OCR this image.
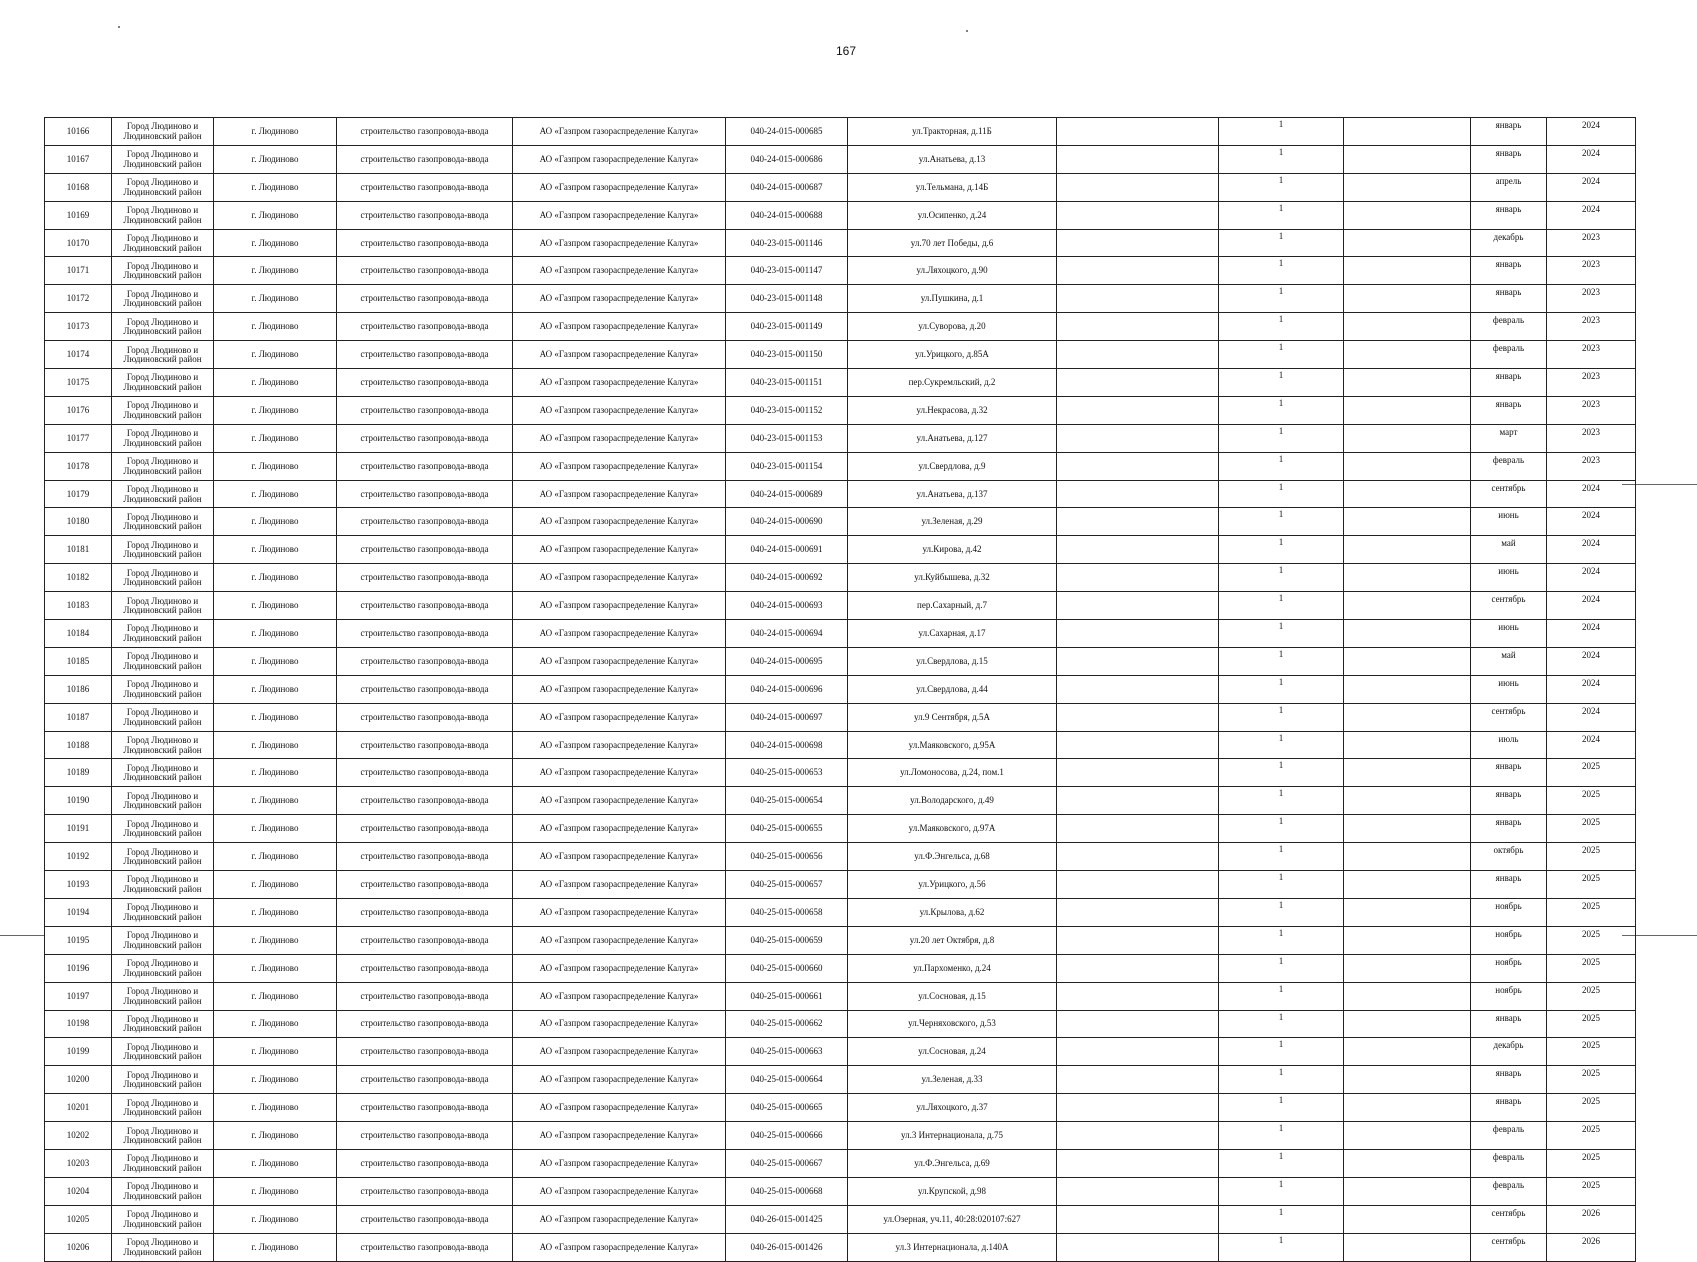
167
10166	Город Людиново и Людиновский район	г. Людиново	строительство газопровода-ввода	АО «Газпром газораспределение Калуга»	040-24-015-000685	ул.Тракторная, д.11Б		1		январь	2024
10167	Город Людиново и Людиновский район	г. Людиново	строительство газопровода-ввода	АО «Газпром газораспределение Калуга»	040-24-015-000686	ул.Анатьева, д.13		1		январь	2024
10168	Город Людиново и Людиновский район	г. Людиново	строительство газопровода-ввода	АО «Газпром газораспределение Калуга»	040-24-015-000687	ул.Тельмана, д.14Б		1		апрель	2024
10169	Город Людиново и Людиновский район	г. Людиново	строительство газопровода-ввода	АО «Газпром газораспределение Калуга»	040-24-015-000688	ул.Осипенко, д.24		1		январь	2024
10170	Город Людиново и Людиновский район	г. Людиново	строительство газопровода-ввода	АО «Газпром газораспределение Калуга»	040-23-015-001146	ул.70 лет Победы, д.6		1		декабрь	2023
10171	Город Людиново и Людиновский район	г. Людиново	строительство газопровода-ввода	АО «Газпром газораспределение Калуга»	040-23-015-001147	ул.Ляхоцкого, д.90		1		январь	2023
10172	Город Людиново и Людиновский район	г. Людиново	строительство газопровода-ввода	АО «Газпром газораспределение Калуга»	040-23-015-001148	ул.Пушкина, д.1		1		январь	2023
10173	Город Людиново и Людиновский район	г. Людиново	строительство газопровода-ввода	АО «Газпром газораспределение Калуга»	040-23-015-001149	ул.Суворова, д.20		1		февраль	2023
10174	Город Людиново и Людиновский район	г. Людиново	строительство газопровода-ввода	АО «Газпром газораспределение Калуга»	040-23-015-001150	ул.Урицкого, д.85А		1		февраль	2023
10175	Город Людиново и Людиновский район	г. Людиново	строительство газопровода-ввода	АО «Газпром газораспределение Калуга»	040-23-015-001151	пер.Сукремльский, д.2		1		январь	2023
10176	Город Людиново и Людиновский район	г. Людиново	строительство газопровода-ввода	АО «Газпром газораспределение Калуга»	040-23-015-001152	ул.Некрасова, д.32		1		январь	2023
10177	Город Людиново и Людиновский район	г. Людиново	строительство газопровода-ввода	АО «Газпром газораспределение Калуга»	040-23-015-001153	ул.Анатьева, д.127		1		март	2023
10178	Город Людиново и Людиновский район	г. Людиново	строительство газопровода-ввода	АО «Газпром газораспределение Калуга»	040-23-015-001154	ул.Свердлова, д.9		1		февраль	2023
10179	Город Людиново и Людиновский район	г. Людиново	строительство газопровода-ввода	АО «Газпром газораспределение Калуга»	040-24-015-000689	ул.Анатьева, д.137		1		сентябрь	2024
10180	Город Людиново и Людиновский район	г. Людиново	строительство газопровода-ввода	АО «Газпром газораспределение Калуга»	040-24-015-000690	ул.Зеленая, д.29		1		июнь	2024
10181	Город Людиново и Людиновский район	г. Людиново	строительство газопровода-ввода	АО «Газпром газораспределение Калуга»	040-24-015-000691	ул.Кирова, д.42		1		май	2024
10182	Город Людиново и Людиновский район	г. Людиново	строительство газопровода-ввода	АО «Газпром газораспределение Калуга»	040-24-015-000692	ул.Куйбышева, д.32		1		июнь	2024
10183	Город Людиново и Людиновский район	г. Людиново	строительство газопровода-ввода	АО «Газпром газораспределение Калуга»	040-24-015-000693	пер.Сахарный, д.7		1		сентябрь	2024
10184	Город Людиново и Людиновский район	г. Людиново	строительство газопровода-ввода	АО «Газпром газораспределение Калуга»	040-24-015-000694	ул.Сахарная, д.17		1		июнь	2024
10185	Город Людиново и Людиновский район	г. Людиново	строительство газопровода-ввода	АО «Газпром газораспределение Калуга»	040-24-015-000695	ул.Свердлова, д.15		1		май	2024
10186	Город Людиново и Людиновский район	г. Людиново	строительство газопровода-ввода	АО «Газпром газораспределение Калуга»	040-24-015-000696	ул.Свердлова, д.44		1		июнь	2024
10187	Город Людиново и Людиновский район	г. Людиново	строительство газопровода-ввода	АО «Газпром газораспределение Калуга»	040-24-015-000697	ул.9 Сентября, д.5А		1		сентябрь	2024
10188	Город Людиново и Людиновский район	г. Людиново	строительство газопровода-ввода	АО «Газпром газораспределение Калуга»	040-24-015-000698	ул.Маяковского, д.95А		1		июль	2024
10189	Город Людиново и Людиновский район	г. Людиново	строительство газопровода-ввода	АО «Газпром газораспределение Калуга»	040-25-015-000653	ул.Ломоносова, д.24, пом.1		1		январь	2025
10190	Город Людиново и Людиновский район	г. Людиново	строительство газопровода-ввода	АО «Газпром газораспределение Калуга»	040-25-015-000654	ул.Володарского, д.49		1		январь	2025
10191	Город Людиново и Людиновский район	г. Людиново	строительство газопровода-ввода	АО «Газпром газораспределение Калуга»	040-25-015-000655	ул.Маяковского, д.97А		1		январь	2025
10192	Город Людиново и Людиновский район	г. Людиново	строительство газопровода-ввода	АО «Газпром газораспределение Калуга»	040-25-015-000656	ул.Ф.Энгельса, д.68		1		октябрь	2025
10193	Город Людиново и Людиновский район	г. Людиново	строительство газопровода-ввода	АО «Газпром газораспределение Калуга»	040-25-015-000657	ул.Урицкого, д.56		1		январь	2025
10194	Город Людиново и Людиновский район	г. Людиново	строительство газопровода-ввода	АО «Газпром газораспределение Калуга»	040-25-015-000658	ул.Крылова, д.62		1		ноябрь	2025
10195	Город Людиново и Людиновский район	г. Людиново	строительство газопровода-ввода	АО «Газпром газораспределение Калуга»	040-25-015-000659	ул.20 лет Октября, д.8		1		ноябрь	2025
10196	Город Людиново и Людиновский район	г. Людиново	строительство газопровода-ввода	АО «Газпром газораспределение Калуга»	040-25-015-000660	ул.Пархоменко, д.24		1		ноябрь	2025
10197	Город Людиново и Людиновский район	г. Людиново	строительство газопровода-ввода	АО «Газпром газораспределение Калуга»	040-25-015-000661	ул.Сосновая, д.15		1		ноябрь	2025
10198	Город Людиново и Людиновский район	г. Людиново	строительство газопровода-ввода	АО «Газпром газораспределение Калуга»	040-25-015-000662	ул.Черняховского, д.53		1		январь	2025
10199	Город Людиново и Людиновский район	г. Людиново	строительство газопровода-ввода	АО «Газпром газораспределение Калуга»	040-25-015-000663	ул.Сосновая, д.24		1		декабрь	2025
10200	Город Людиново и Людиновский район	г. Людиново	строительство газопровода-ввода	АО «Газпром газораспределение Калуга»	040-25-015-000664	ул.Зеленая, д.33		1		январь	2025
10201	Город Людиново и Людиновский район	г. Людиново	строительство газопровода-ввода	АО «Газпром газораспределение Калуга»	040-25-015-000665	ул.Ляхоцкого, д.37		1		январь	2025
10202	Город Людиново и Людиновский район	г. Людиново	строительство газопровода-ввода	АО «Газпром газораспределение Калуга»	040-25-015-000666	ул.3 Интернационала, д.75		1		февраль	2025
10203	Город Людиново и Людиновский район	г. Людиново	строительство газопровода-ввода	АО «Газпром газораспределение Калуга»	040-25-015-000667	ул.Ф.Энгельса, д.69		1		февраль	2025
10204	Город Людиново и Людиновский район	г. Людиново	строительство газопровода-ввода	АО «Газпром газораспределение Калуга»	040-25-015-000668	ул.Крупской, д.98		1		февраль	2025
10205	Город Людиново и Людиновский район	г. Людиново	строительство газопровода-ввода	АО «Газпром газораспределение Калуга»	040-26-015-001425	ул.Озерная, уч.11, 40:28:020107:627		1		сентябрь	2026
10206	Город Людиново и Людиновский район	г. Людиново	строительство газопровода-ввода	АО «Газпром газораспределение Калуга»	040-26-015-001426	ул.3 Интернационала, д.140А		1		сентябрь	2026
